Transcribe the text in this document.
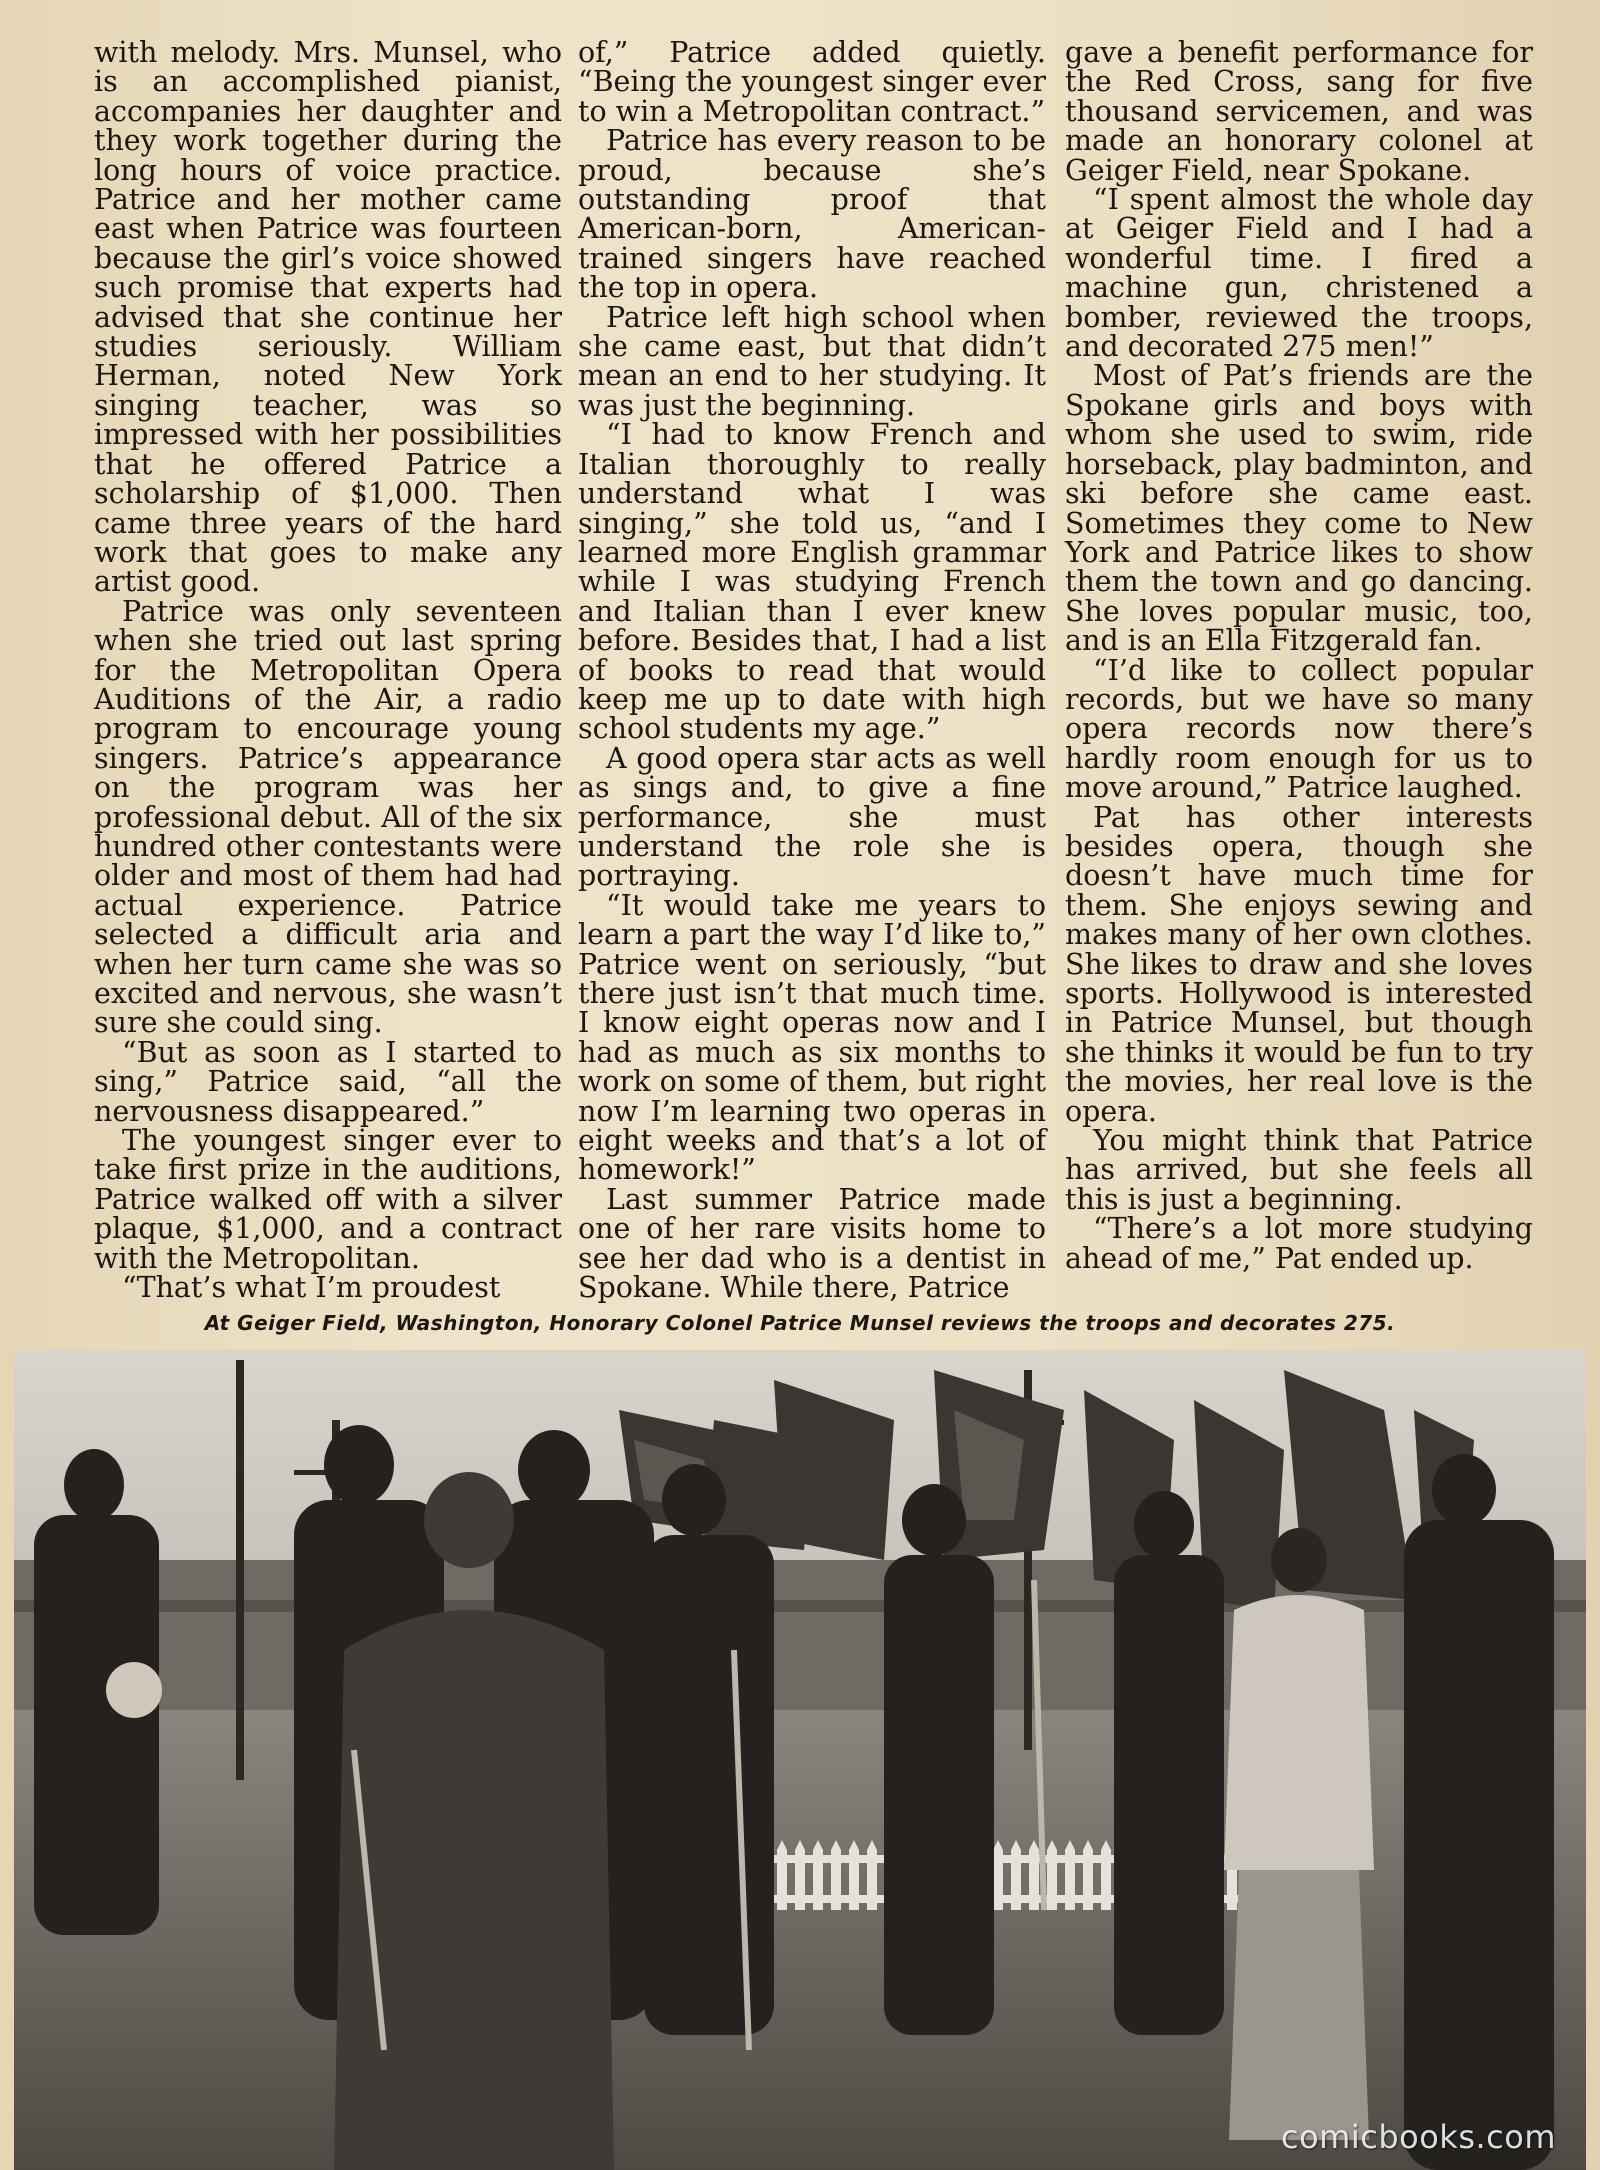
with melody. Mrs. Munsel, who is an accomplished pianist, accompanies her daughter and they work together during the long hours of voice practice. Patrice and her mother came east when Patrice was fourteen because the girl’s voice showed such promise that experts had advised that she continue her studies seriously. William Herman, noted New York singing teacher, was so impressed with her possibilities that he offered Patrice a scholarship of $1,000. Then came three years of the hard work that goes to make any artist good.

Patrice was only seventeen when she tried out last spring for the Metropolitan Opera Auditions of the Air, a radio program to encourage young singers. Patrice’s appearance on the program was her professional debut. All of the six hundred other contestants were older and most of them had had actual experience. Patrice selected a difficult aria and when her turn came she was so excited and nervous, she wasn’t sure she could sing.

“But as soon as I started to sing,” Patrice said, “all the nervousness disappeared.”

The youngest singer ever to take first prize in the auditions, Patrice walked off with a silver plaque, $1,000, and a contract with the Metropolitan.

“That’s what I’m proudest

of,” Patrice added quietly. “Being the youngest singer ever to win a Metropolitan contract.”

Patrice has every reason to be proud, because she’s outstanding proof that American-born, American-trained singers have reached the top in opera.

Patrice left high school when she came east, but that didn’t mean an end to her studying. It was just the beginning.

“I had to know French and Italian thoroughly to really understand what I was singing,” she told us, “and I learned more English grammar while I was studying French and Italian than I ever knew before. Besides that, I had a list of books to read that would keep me up to date with high school students my age.”

A good opera star acts as well as sings and, to give a fine performance, she must understand the role she is portraying.

“It would take me years to learn a part the way I’d like to,” Patrice went on seriously, “but there just isn’t that much time. I know eight operas now and I had as much as six months to work on some of them, but right now I’m learning two operas in eight weeks and that’s a lot of homework!”

Last summer Patrice made one of her rare visits home to see her dad who is a dentist in Spokane. While there, Patrice

gave a benefit performance for the Red Cross, sang for five thousand servicemen, and was made an honorary colonel at Geiger Field, near Spokane.

“I spent almost the whole day at Geiger Field and I had a wonderful time. I fired a machine gun, christened a bomber, reviewed the troops, and decorated 275 men!”

Most of Pat’s friends are the Spokane girls and boys with whom she used to swim, ride horseback, play badminton, and ski before she came east. Sometimes they come to New York and Patrice likes to show them the town and go dancing. She loves popular music, too, and is an Ella Fitzgerald fan.

“I’d like to collect popular records, but we have so many opera records now there’s hardly room enough for us to move around,” Patrice laughed.

Pat has other interests besides opera, though she doesn’t have much time for them. She enjoys sewing and makes many of her own clothes. She likes to draw and she loves sports. Hollywood is interested in Patrice Munsel, but though she thinks it would be fun to try the movies, her real love is the opera.

You might think that Patrice has arrived, but she feels all this is just a beginning.

“There’s a lot more studying ahead of me,” Pat ended up.

At Geiger Field, Washington, Honorary Colonel Patrice Munsel reviews the troops and decorates 275.
comicbooks.com
